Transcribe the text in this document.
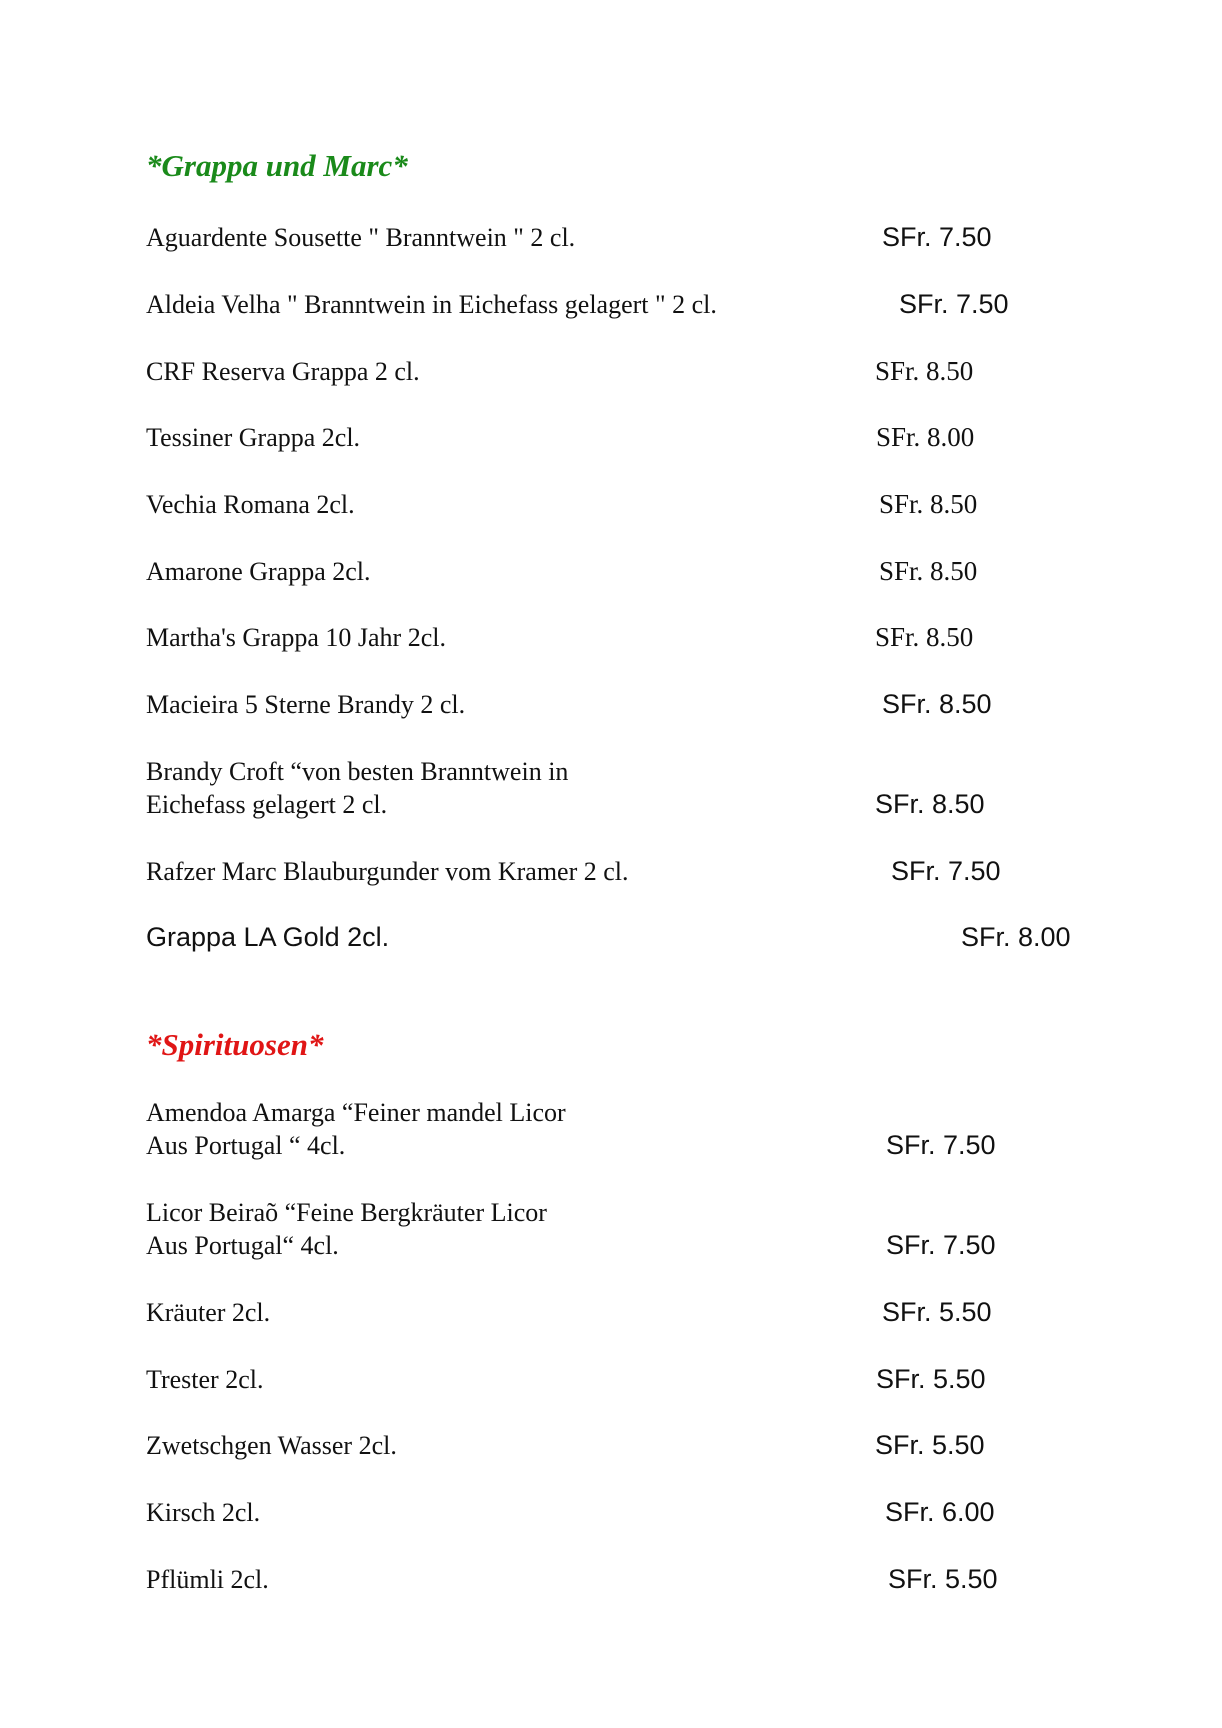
*Grappa und Marc*
Aguardente Sousette " Branntwein " 2 cl.	SFr. 7.50
Aldeia Velha " Branntwein in Eichefass gelagert " 2 cl.	SFr. 7.50
CRF Reserva Grappa 2 cl.	SFr. 8.50
Tessiner Grappa 2cl.	SFr. 8.00
Vechia Romana 2cl.	SFr. 8.50
Amarone Grappa 2cl.	SFr. 8.50
Martha's Grappa 10 Jahr 2cl.	SFr. 8.50
Macieira 5 Sterne Brandy 2 cl.	SFr. 8.50
Brandy Croft “von besten Branntwein in
Eichefass gelagert 2 cl.	SFr. 8.50
Rafzer Marc Blauburgunder vom Kramer 2 cl.	SFr. 7.50
Grappa LA Gold 2cl.	SFr. 8.00
*Spirituosen*
Amendoa Amarga “Feiner mandel Licor
Aus Portugal “ 4cl.	SFr. 7.50
Licor Beiraõ “Feine Bergkräuter Licor
Aus Portugal“ 4cl.	SFr. 7.50
Kräuter 2cl.	SFr. 5.50
Trester 2cl.	SFr. 5.50
Zwetschgen Wasser 2cl.	SFr. 5.50
Kirsch 2cl.	SFr. 6.00
Pflümli 2cl.	SFr. 5.50
